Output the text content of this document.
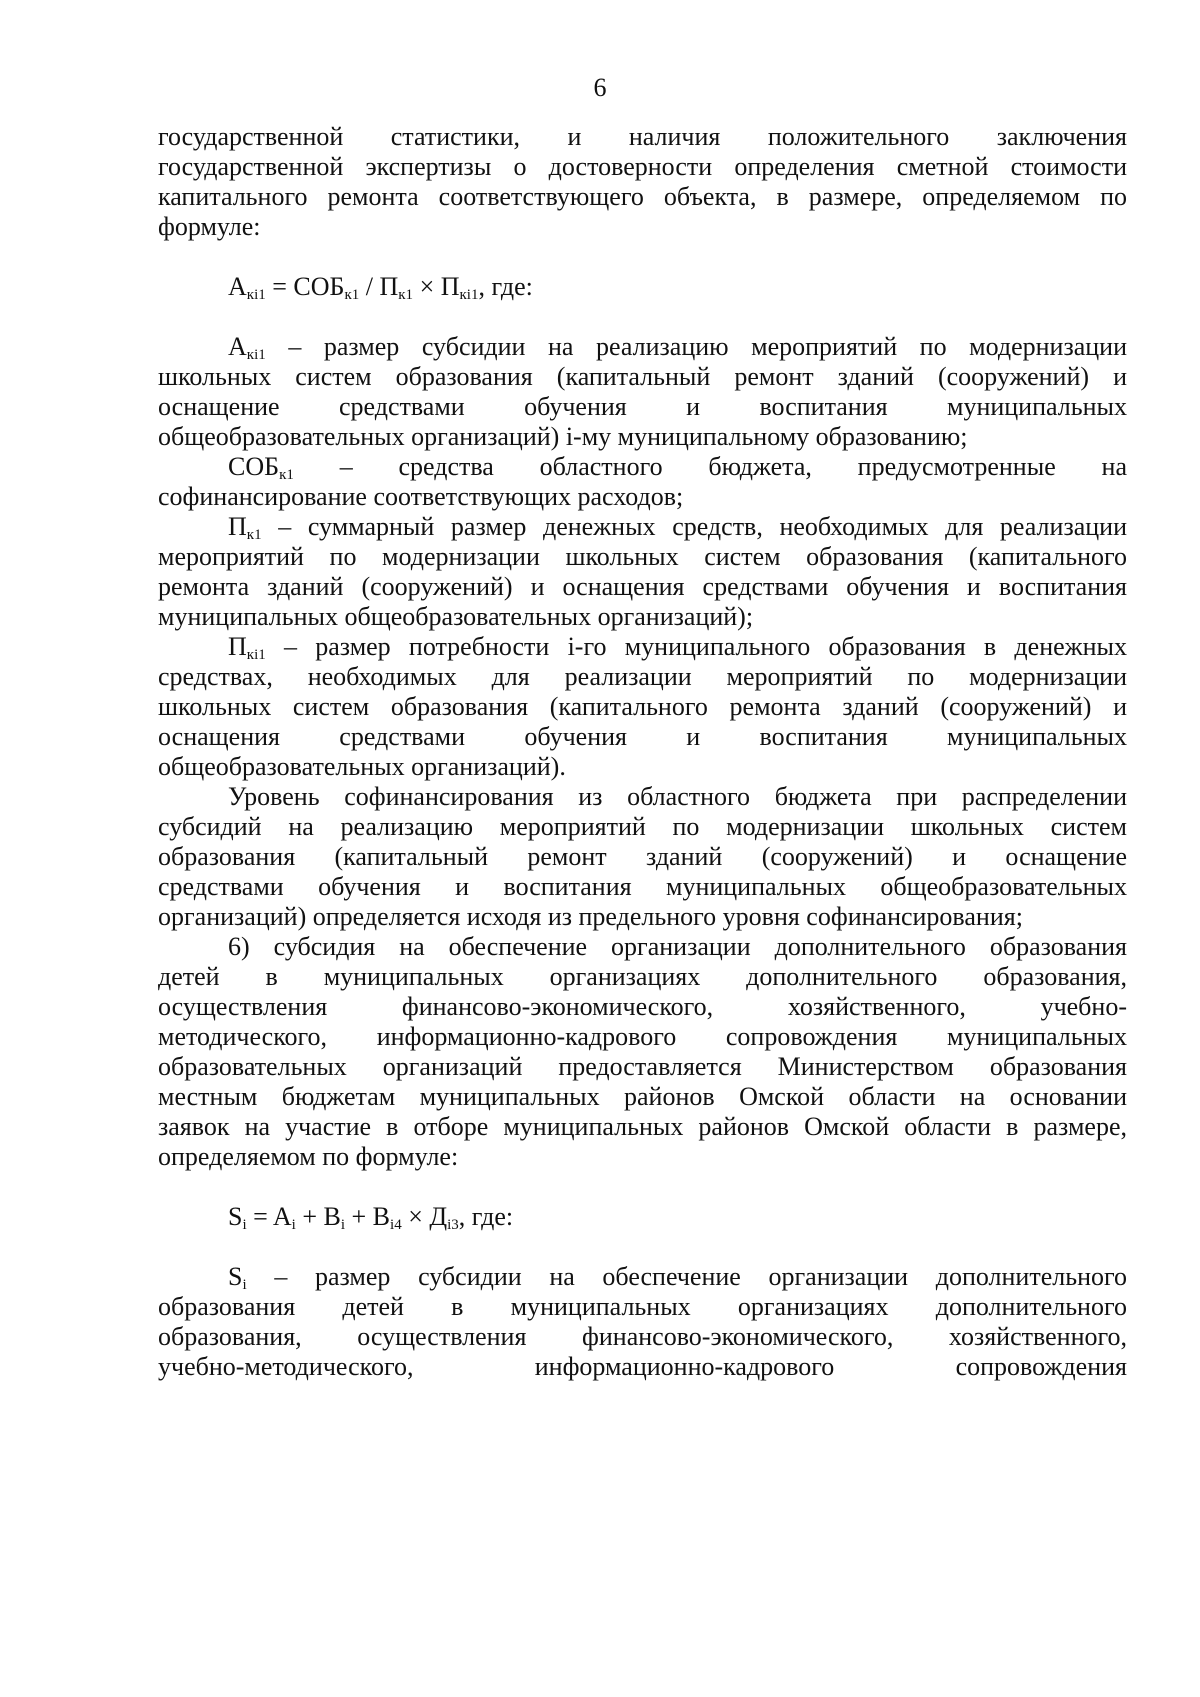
6
государственной статистики, и наличия положительного заключения
государственной экспертизы о достоверности определения сметной стоимости
капитального ремонта соответствующего объекта, в размере, определяемом по
формуле:
$А_{кi1} = СОБ_{к1} / П_{к1} \times П_{кi1}$, где:
$А_{кi1}$ – размер субсидии на реализацию мероприятий по модернизации
школьных систем образования (капитальный ремонт зданий (сооружений) и
оснащение средствами обучения и воспитания муниципальных
общеобразовательных организаций) i-му муниципальному образованию;
$СОБ_{к1}$ – средства областного бюджета, предусмотренные на
софинансирование соответствующих расходов;
$П_{к1}$ – суммарный размер денежных средств, необходимых для реализации
мероприятий по модернизации школьных систем образования (капитального
ремонта зданий (сооружений) и оснащения средствами обучения и воспитания
муниципальных общеобразовательных организаций);
$П_{кi1}$ – размер потребности i-го муниципального образования в денежных
средствах, необходимых для реализации мероприятий по модернизации
школьных систем образования (капитального ремонта зданий (сооружений) и
оснащения средствами обучения и воспитания муниципальных
общеобразовательных организаций).
Уровень софинансирования из областного бюджета при распределении
субсидий на реализацию мероприятий по модернизации школьных систем
образования (капитальный ремонт зданий (сооружений) и оснащение
средствами обучения и воспитания муниципальных общеобразовательных
организаций) определяется исходя из предельного уровня софинансирования;
6) субсидия на обеспечение организации дополнительного образования
детей в муниципальных организациях дополнительного образования,
осуществления финансово-экономического, хозяйственного, учебно-
методического, информационно-кадрового сопровождения муниципальных
образовательных организаций предоставляется Министерством образования
местным бюджетам муниципальных районов Омской области на основании
заявок на участие в отборе муниципальных районов Омской области в размере,
определяемом по формуле:
$S_i = A_i + B_i + B_{i4} \times Д_{i3}$, где:
$S_i$ – размер субсидии на обеспечение организации дополнительного
образования детей в муниципальных организациях дополнительного
образования, осуществления финансово-экономического, хозяйственного,
учебно-методического, информационно-кадрового сопровождения
